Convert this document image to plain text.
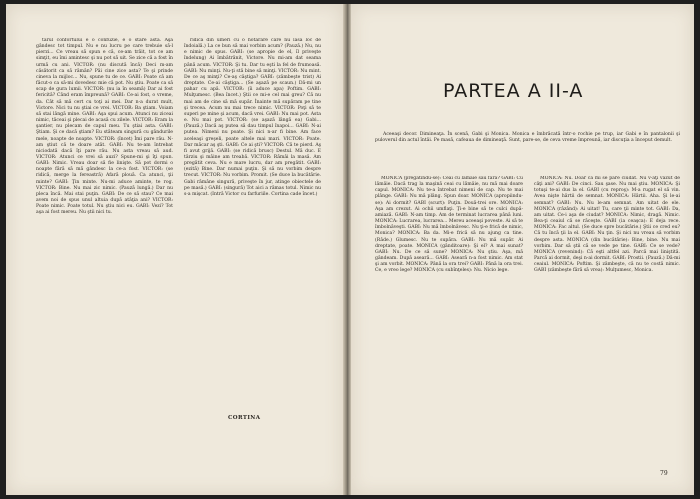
tarul confortului e o confuzie, e o stare astă. Aşa gândesc tot timpul. Nu e nu lucru pe care trebuie să-l pierzi... Ce vreau să spun e că, ce-am trăit, tot ce am simţit, eu îmi amintesc şi nu pot să uit. Se zice că a fost în urmă cu ani. VICTOR: (nu discută încă) Deci m-am căsătorit ca să rămân? Păi cine zice asta? Te şi prinde cineva la mijloc... Nu, spune tu de ce. GABI: Poate că am făcut-o ca să-mi dovedesc mie că pot. Nu ştiu. Poate ca să scap de gura lumii. VICTOR: (nu ia în seamă) Dar ai fost fericită? Când eram împreună? GABI: Ce-ai fost, o vreme, da. Cât să mă cert cu toţi ai mei. Dar n-a durat mult, Victore. Nici tu nu ştiai ce vrei. VICTOR: Ba ştiam. Voiam să stai lângă mine. GABI: Aşa spui acum. Atunci nu ziceai nimic, tăceai şi plecai de acasă cu zilele. VICTOR: Eram la şantier, nu plecam de capul meu. Tu ştiai asta. GABI: Ştiam. Şi ce dacă ştiam? Eu stăteam singură cu gândurile mele, noapte de noapte. VICTOR: (încet) Îmi pare rău. N-am ştiut că te doare atât. GABI: Nu te-am întrebat niciodată dacă îţi pare rău. Nu asta vreau să aud. VICTOR: Atunci ce vrei să auzi? Spune-mi şi îţi spun. GABI: Nimic. Vreau doar să fie linişte. Să pot dormi o noapte fără să mă gândesc la ce-a fost. VICTOR: (se ridică, merge la fereastră) Afară plouă. Ca atunci, ţii minte? GABI: Ţin minte. Nu-mi aduce aminte, te rog. VICTOR: Bine. Nu mai zic nimic. (Pauză lungă.) Dar nu pleca încă. Mai stai puţin. GABI: De ce să stau? Ce mai avem noi de spus unul altuia după atâţia ani? VICTOR: Poate nimic. Poate totul. Nu ştiu nici eu. GABI: Vezi? Tot aşa ai fost mereu. Nu ştii nici tu.

ridică din umeri cu o hotărâre care nu lasă loc de îndoială.) La ce bun să mai vorbim acum? (Pauză.) Nu, nu e nimic de spus. GABI: (se apropie de el, îl priveşte îndelung) Ai îmbătrânit, Victore. Nu mi-am dat seama până acum. VICTOR: Şi tu. Dar tu eşti la fel de frumoasă. GABI: Nu minţi. Nu-ţi stă bine să minţi. VICTOR: Nu mint. De ce aş minţi? Ce-aş câştiga? GABI: (zâmbeşte trist) Ai dreptate. Ce-ai câştiga... (Se aşază pe scaun.) Dă-mi un pahar cu apă. VICTOR: (îi aduce apa) Poftim. GABI: Mulţumesc. (Bea încet.) Ştii ce mi-e cel mai greu? Că nu mai am de cine să mă supăr. Înainte mă supăram pe tine şi trecea. Acum nu mai trece nimic. VICTOR: Poţi să te superi pe mine şi acum, dacă vrei. GABI: Nu mai pot. Asta e. Nu mai pot. VICTOR: (se aşază lângă ea) Gabi... (Pauză.) Dacă aş putea să dau timpul înapoi... GABI: N-ai putea. Nimeni nu poate. Şi nici n-ar fi bine. Am face aceleaşi greşeli, poate altele mai mari. VICTOR: Poate. Dar măcar aş şti. GABI: Ce ai şti? VICTOR: Că te pierd. Aş fi avut grijă. GABI: (se ridică brusc) Destul. Mă duc. E târziu şi mâine am treabă. VICTOR: Rămâi la masă. Am pregătit ceva. Nu e mare lucru, dar am pregătit. GABI: (ezită) Bine. Dar numai puţin. Şi să nu vorbim despre trecut. VICTOR: Nu vorbim. Promit. (Se duce la bucătărie. Gabi rămâne singură, priveşte în jur, atinge obiectele de pe masă.) GABI: (singură) Tot aici a rămas totul. Nimic nu s-a mişcat. (Intră Victor cu farfuriile. Cortina cade încet.)

CORTINA
PARTEA A II-A

Aceeaşi decor. Dimineaţa. În scenă, Gabi şi Monica. Monica e îmbrăcată într-o rochie pe trup, iar Gabi e în pantalonii şi puloverul din actul întâi. Pe masă, cafeaua de dimineaţă. Sunt, pare-se, de ceva vreme împreună, iar discuţia a început demult.

MONICA (pregătindu-se): Ceai cu lămâie sau fără? GABI: Cu lămâie. Dacă trag la maşină ceai cu lămâie, nu mă mai doare capul. MONICA: Nu te-a întrebat nimeni de cap. Nu te mai plânge. GABI: Nu mă plâng. Spun doar. MONICA (apropiindu-se): Ai dormit? GABI (scurt): Puţin. Două-trei ore. MONICA: Aşa am crezut. Ai ochii umflaţi. Ţi-e bine să te culci după-amiază. GABI: N-am timp. Am de terminat lucrarea până luni. MONICA: Lucrarea, lucrarea... Mereu aceeaşi poveste. Ai să te îmbolnăveşti. GABI: Nu mă îmbolnăvesc. Nu ţi-e frică de nimic, Monica? MONICA: Ba da. Mi-e frică să nu ajung ca tine. (Râde.) Glumesc. Nu te supăra. GABI: Nu mă supăr. Ai dreptate, poate. MONICA (gânditoare): Şi el? A mai sunat? GABI: Nu. De ce să sune? MONICA: Nu ştiu. Aşa, mă gândeam. După aseară... GABI: Aseară n-a fost nimic. Am stat şi am vorbit. MONICA: Până la ora trei? GABI: Până la ora trei. Ce, e vreo lege? MONICA (cu subînţeles): Nu. Nicio lege.

MONICA: Nu. Doar că mi se pare ciudat. Nu v-aţi văzut de câţi ani? GABI: De cinci. Sau şase. Nu mai ştiu. MONICA: Şi totuşi te-ai dus la el. GABI (cu reproş): M-a rugat el să vin. Avea nişte hârtii de semnat. MONICA: Hârtii. Aha. Şi le-ai semnat? GABI: Nu. Nu le-am semnat. Am uitat de ele. MONICA (râzând): Ai uitat! Tu, care ţii minte tot. GABI: Da, am uitat. Ce-i aşa de ciudat? MONICA: Nimic, dragă. Nimic. Bea-ţi ceaiul că se răceşte. GABI (ia ceaşca): E deja rece. MONICA: Fac altul. (Se duce spre bucătărie.) Ştii ce cred eu? Că tu încă ţii la el. GABI: Nu ţin. Şi nici nu vreau să vorbim despre asta. MONICA (din bucătărie): Bine, bine. Nu mai vorbim. Dar să ştii că se vede pe tine. GABI: Ce se vede? MONICA (revenind): Că eşti altfel azi. Parcă mai liniştită. Parcă ai dormit, deşi n-ai dormit. GABI: Prostii. (Pauză.) Dă-mi ceaiul. MONICA: Poftim. Şi zâmbeşte, că nu te costă nimic. GABI (zâmbeşte fără să vrea): Mulţumesc, Monica.

79
